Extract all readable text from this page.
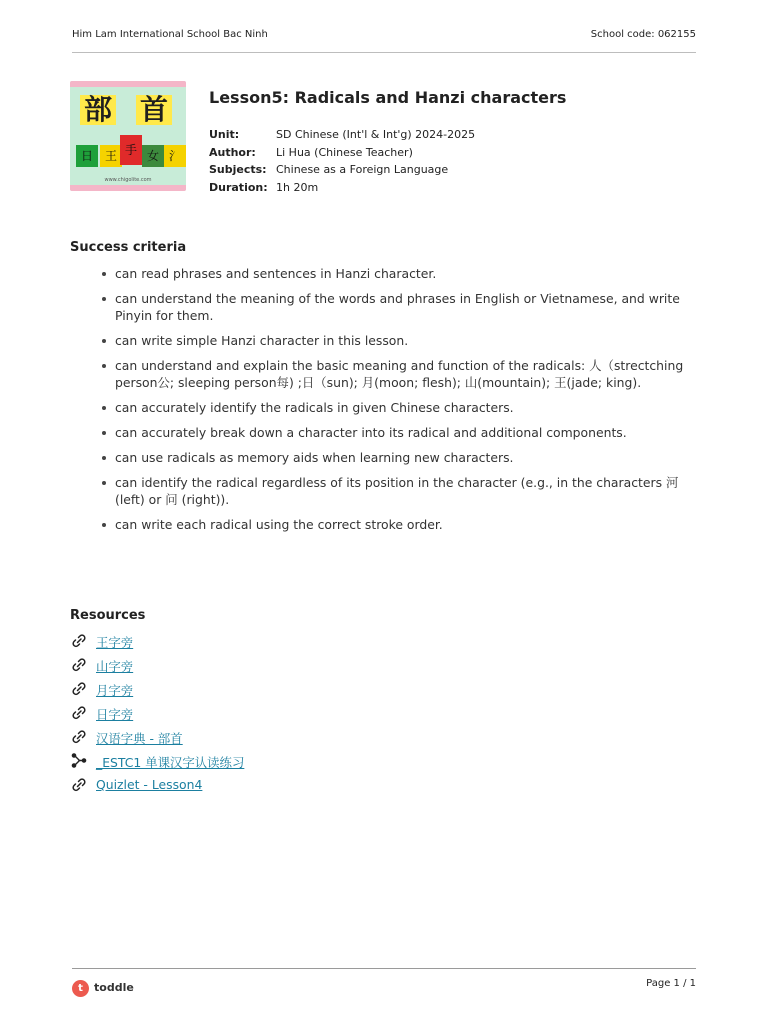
Him Lam International School Bac Ninh	School code: 062155
部 首
日 王 手 女 氵
www.chigolite.com
Lesson5: Radicals and Hanzi characters
Unit:	SD Chinese (Int'l & Int'g) 2024-2025
Author: Li Hua (Chinese Teacher)
Subjects: Chinese as a Foreign Language
Duration: 1h 20m
Success criteria
can read phrases and sentences in Hanzi character.
can understand the meaning of the words and phrases in English or Vietnamese, and write Pinyin for them.
can write simple Hanzi character in this lesson.
can understand and explain the basic meaning and function of the radicals: 人（strectching person公; sleeping person每) ;日（sun); 月(moon; flesh); 山(mountain); 王(jade; king).
can accurately identify the radicals in given Chinese characters.
can accurately break down a character into its radical and additional components.
can use radicals as memory aids when learning new characters.
can identify the radical regardless of its position in the character (e.g., in the characters 河 (left) or 问 (right)).
can write each radical using the correct stroke order.
Resources
王字旁
山字旁
月字旁
日字旁
汉语字典 - 部首
_ESTC1 单课汉字认读练习
Quizlet - Lesson4
t	toddle	Page 1 / 1
